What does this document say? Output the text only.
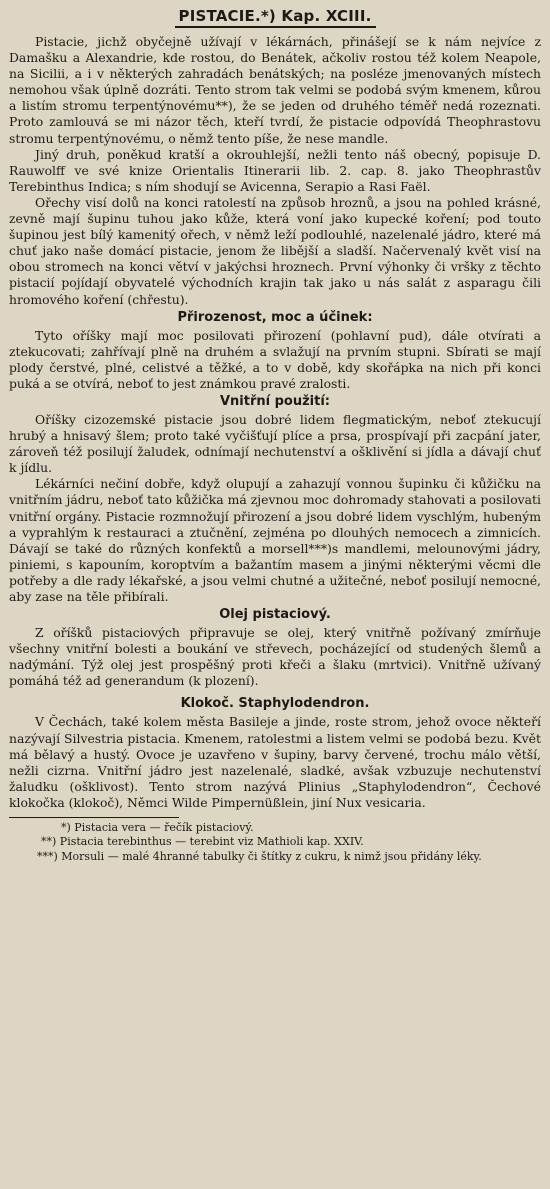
PISTACIE.*) Kap. XCIII.

Pistacie, jichž obyčejně užívají v lékárnách, přinášejí se k nám nejvíce z Damašku a Alexandrie, kde rostou, do Benátek, ačkoliv rostou též kolem Neapole, na Sicilii, a i v některých zahradách benátských; na posléze jmenovaných místech nemohou však úplně dozráti. Tento strom tak velmi se podobá svým kmenem, kůrou a listím stromu terpentýnovému**), že se jeden od druhého téměř nedá rozeznati. Proto zamlouvá se mi názor těch, kteří tvrdí, že pistacie odpovídá Theophrastovu stromu terpentýnovému, o němž tento píše, že nese mandle.

Jiný druh, poněkud kratší a okrouhlejší, nežli tento náš obecný, popisuje D. Rauwolff ve své knize Orientalis Itinerarii lib. 2. cap. 8. jako Theophrastův Terebinthus Indica; s ním shodují se Avicenna, Serapio a Rasi Faël.

Ořechy visí dolů na konci ratolestí na způsob hroznů, a jsou na pohled krásné, zevně mají šupinu tuhou jako kůže, která voní jako kupecké koření; pod touto šupinou jest bílý kamenitý ořech, v němž leží podlouhlé, nazelenalé jádro, které má chuť jako naše domácí pistacie, jenom že libější a sladší. Načervenalý květ visí na obou stromech na konci větví v jakýchsi hroznech. První výhonky či vršky z těchto pistacií pojídají obyvatelé východních krajin tak jako u nás salát z asparagu čili hromového koření (chřestu).

Přirozenost, moc a účinek:

Tyto oříšky mají moc posilovati přirození (pohlavní pud), dále otvírati a ztekucovati; zahřívají plně na druhém a svlažují na prvním stupni. Sbírati se mají plody čerstvé, plné, celistvé a těžké, a to v době, kdy skořápka na nich při konci puká a se otvírá, neboť to jest známkou pravé zralosti.

Vnitřní použití:

Oříšky cizozemské pistacie jsou dobré lidem flegmatickým, neboť ztekucují hrubý a hnisavý šlem; proto také vyčišťují plíce a prsa, prospívají při zacpání jater, zároveň též posilují žaludek, odnímají nechutenství a ošklivění si jídla a dávají chuť k jídlu.

Lékárníci nečiní dobře, když olupují a zahazují vonnou šupinku či kůžičku na vnitřním jádru, neboť tato kůžička má zjevnou moc dohromady stahovati a posilovati vnitřní orgány. Pistacie rozmnožují přirození a jsou dobré lidem vyschlým, hubeným a vyprahlým k restauraci a ztučnění, zejména po dlouhých nemocech a zimnicích. Dávají se také do různých konfektů a morsell***)s mandlemi, melounovými jádry, piniemi, s kapouním, koroptvím a bažantím masem a jinými některými věcmi dle potřeby a dle rady lékařské, a jsou velmi chutné a užitečné, neboť posilují nemocné, aby zase na těle přibírali.

Olej pistaciový.

Z oříšků pistaciových připravuje se olej, který vnitřně požívaný zmírňuje všechny vnitřní bolesti a boukání ve střevech, pocházející od studených šlemů a nadýmání. Týž olej jest prospěšný proti křeči a šlaku (mrtvici). Vnitřně užívaný pomáhá též ad generandum (k plození).

Klokoč. Staphylodendron.

V Čechách, také kolem města Basileje a jinde, roste strom, jehož ovoce někteří nazývají Silvestria pistacia. Kmenem, ratolestmi a listem velmi se podobá bezu. Květ má bělavý a hustý. Ovoce je uzavřeno v šupiny, barvy červené, trochu málo větší, nežli cizrna. Vnitřní jádro jest nazelenalé, sladké, avšak vzbuzuje nechutenství žaludku (ošklivost). Tento strom nazývá Plinius „Staphylodendron“, Čechové klokočka (klokoč), Němci Wilde Pimpernüßlein, jiní Nux vesicaria.

*) Pistacia vera — řečík pistaciový.
**) Pistacia terebinthus — terebint viz Mathioli kap. XXIV.
***) Morsuli — malé 4hranné tabulky či štítky z cukru, k nimž jsou přidány léky.
